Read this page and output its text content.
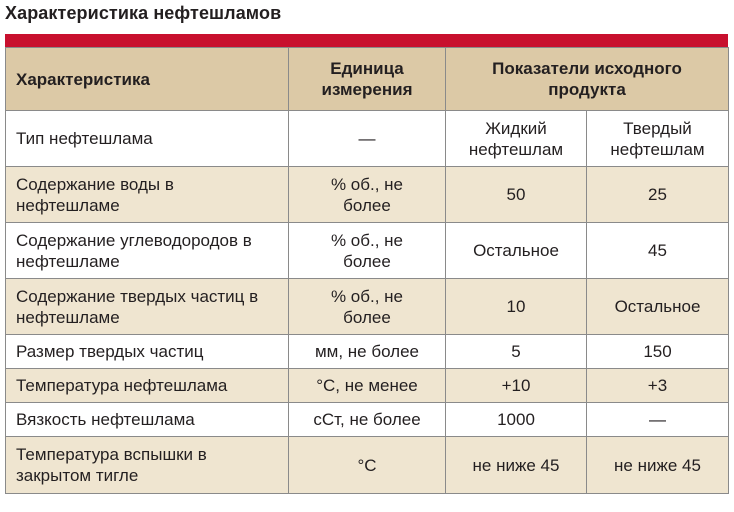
Характеристика нефтешламов
Характеристика	Единица измерения	Показатели исходного продукта	
Тип нефтешлама	—	Жидкий нефтешлам	Твердый нефтешлам
Содержание воды в нефтешламе	% об., не более	50	25
Содержание углеводородов в нефтешламе	% об., не более	Остальное	45
Содержание твердых частиц в нефтешламе	% об., не более	10	Остальное
Размер твердых частиц	мм, не более	5	150
Температура нефтешлама	°С, не менее	+10	+3
Вязкость нефтешлама	сСт, не более	1000	—
Температура вспышки в закрытом тигле	°С	не ниже 45	не ниже 45
